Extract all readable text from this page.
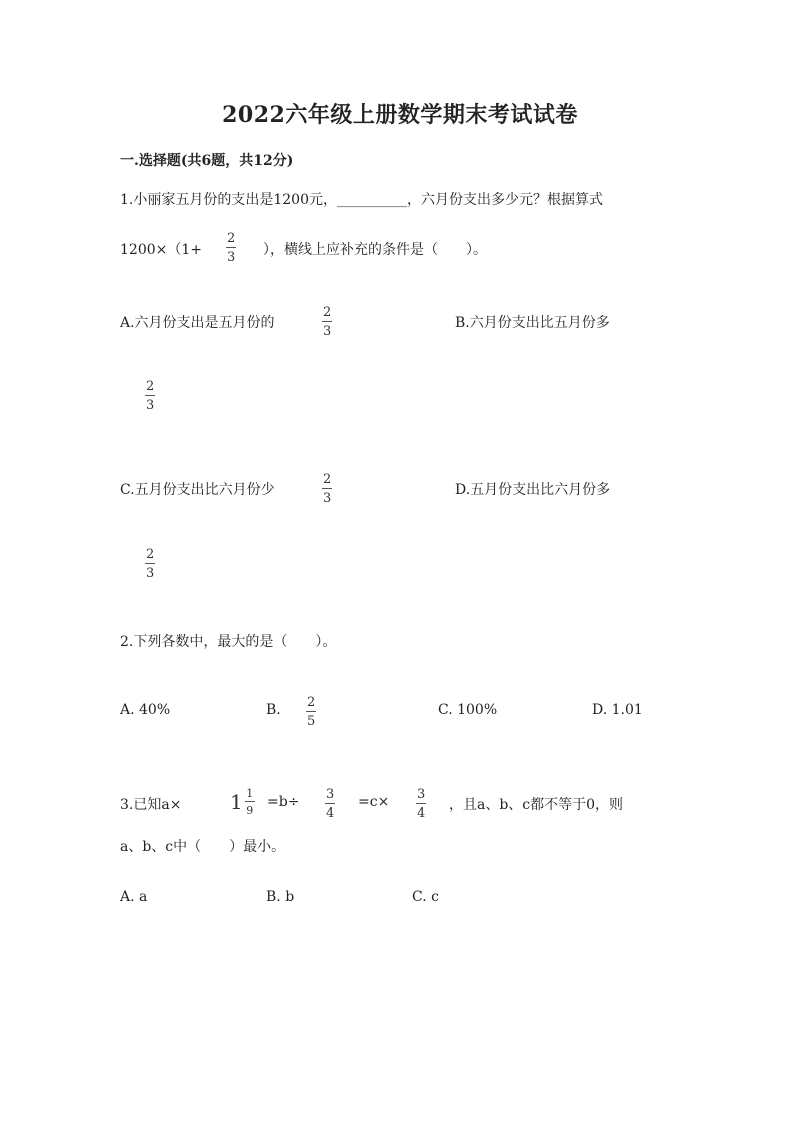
2022六年级上册数学期末考试试卷
一.选择题(共6题，共12分)
1.小丽家五月份的支出是1200元，__________，六月份支出多少元？根据算式
1200×（1+
2
3 ），横线上应补充的条件是（　　）。
A.六月份支出是五月份的
2
3
B.六月份支出比五月份多
2
3
C.五月份支出比六月份少
2
3
D.五月份支出比六月份多
2
3
2.下列各数中，最大的是（　　）。
A. 40%	B. 2
5
C. 100%	D. 1.01
3.已知$a\times 1 \frac{1}{9} =b\div 3$
4
=c× 3
4
，且a、b、c都不等于0，则
a、b、c中（　　）最小。
A. a	B. b	C. c
